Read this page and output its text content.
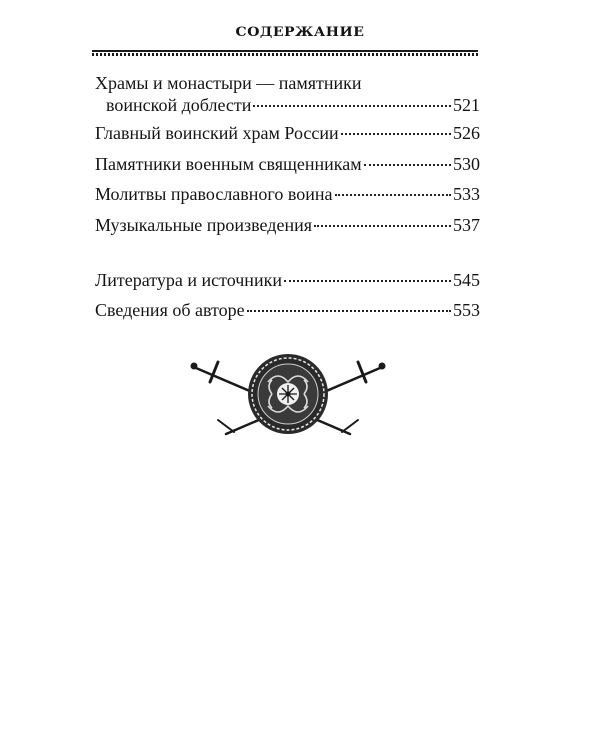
СОДЕРЖАНИЕ
Храмы и монастыри — памятники
воинской доблести	521
Главный воинский храм России	526
Памятники военным священникам	530
Молитвы православного воина	533
Музыкальные произведения	537
Литература и источники	545
Сведения об авторе	553
